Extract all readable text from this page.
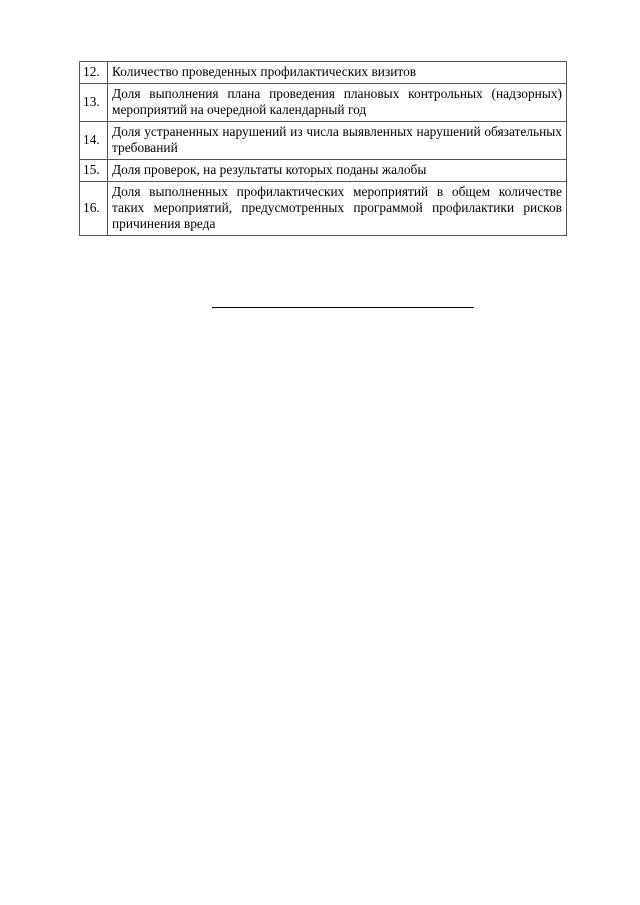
12.	Количество проведенных профилактических визитов
13.	Доля выполнения плана проведения плановых контрольных (надзорных) мероприятий на очередной календарный год
14.	Доля устраненных нарушений из числа выявленных нарушений обязательных требований
15.	Доля проверок, на результаты которых поданы жалобы
16.	Доля выполненных профилактических мероприятий в общем количестве таких мероприятий, предусмотренных программой профилактики рисков причинения вреда
